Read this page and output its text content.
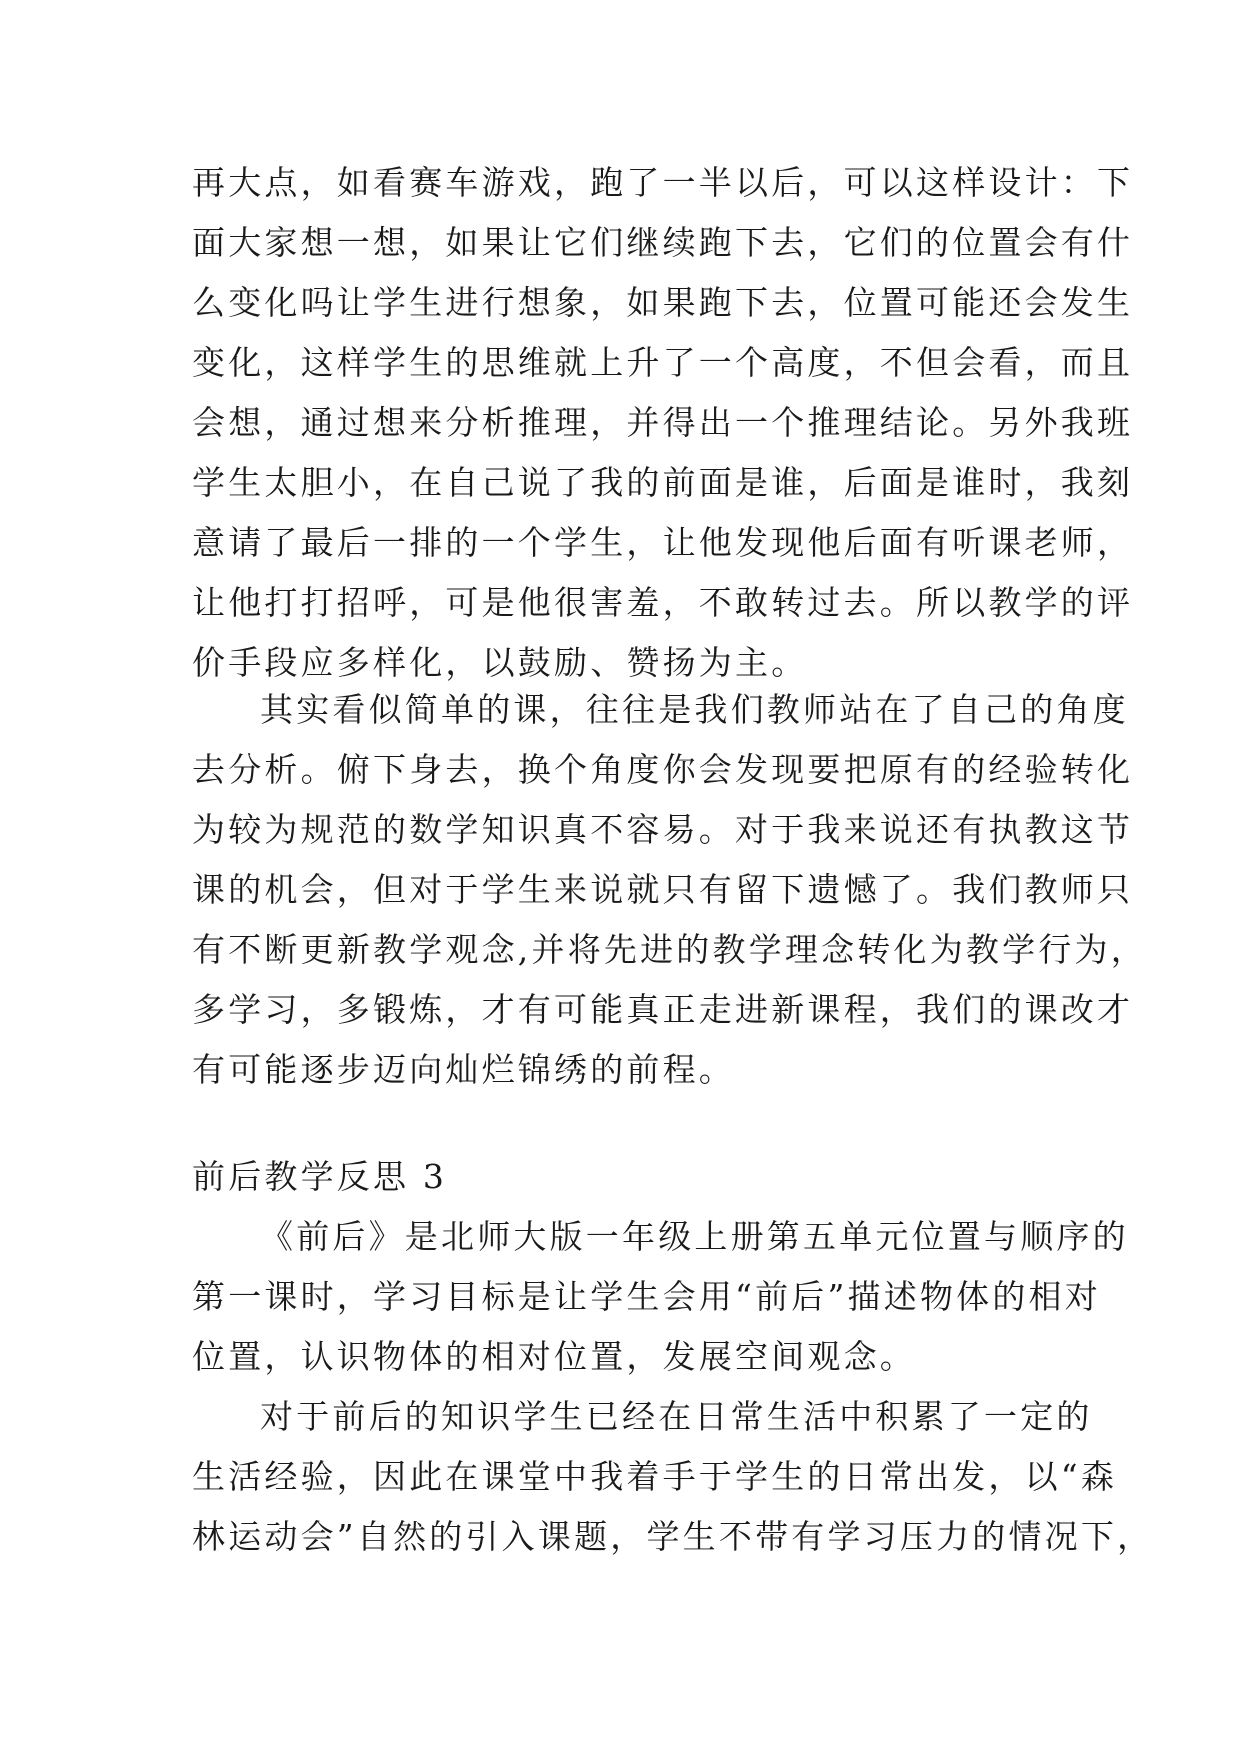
再大点，如看赛车游戏，跑了一半以后，可以这样设计：下
面大家想一想，如果让它们继续跑下去，它们的位置会有什
么变化吗让学生进行想象，如果跑下去，位置可能还会发生
变化，这样学生的思维就上升了一个高度，不但会看，而且
会想，通过想来分析推理，并得出一个推理结论。另外我班
学生太胆小，在自己说了我的前面是谁，后面是谁时，我刻
意请了最后一排的一个学生，让他发现他后面有听课老师，
让他打打招呼，可是他很害羞，不敢转过去。所以教学的评
价手段应多样化，以鼓励、赞扬为主。
其实看似简单的课，往往是我们教师站在了自己的角度
去分析。俯下身去，换个角度你会发现要把原有的经验转化
为较为规范的数学知识真不容易。对于我来说还有执教这节
课的机会，但对于学生来说就只有留下遗憾了。我们教师只
有不断更新教学观念,并将先进的教学理念转化为教学行为，
多学习，多锻炼，才有可能真正走进新课程，我们的课改才
有可能逐步迈向灿烂锦绣的前程。
前后教学反思 3
《前后》是北师大版一年级上册第五单元位置与顺序的
第一课时，学习目标是让学生会用“前后”描述物体的相对
位置，认识物体的相对位置，发展空间观念。
对于前后的知识学生已经在日常生活中积累了一定的
生活经验，因此在课堂中我着手于学生的日常出发，以“森
林运动会”自然的引入课题，学生不带有学习压力的情况下，
